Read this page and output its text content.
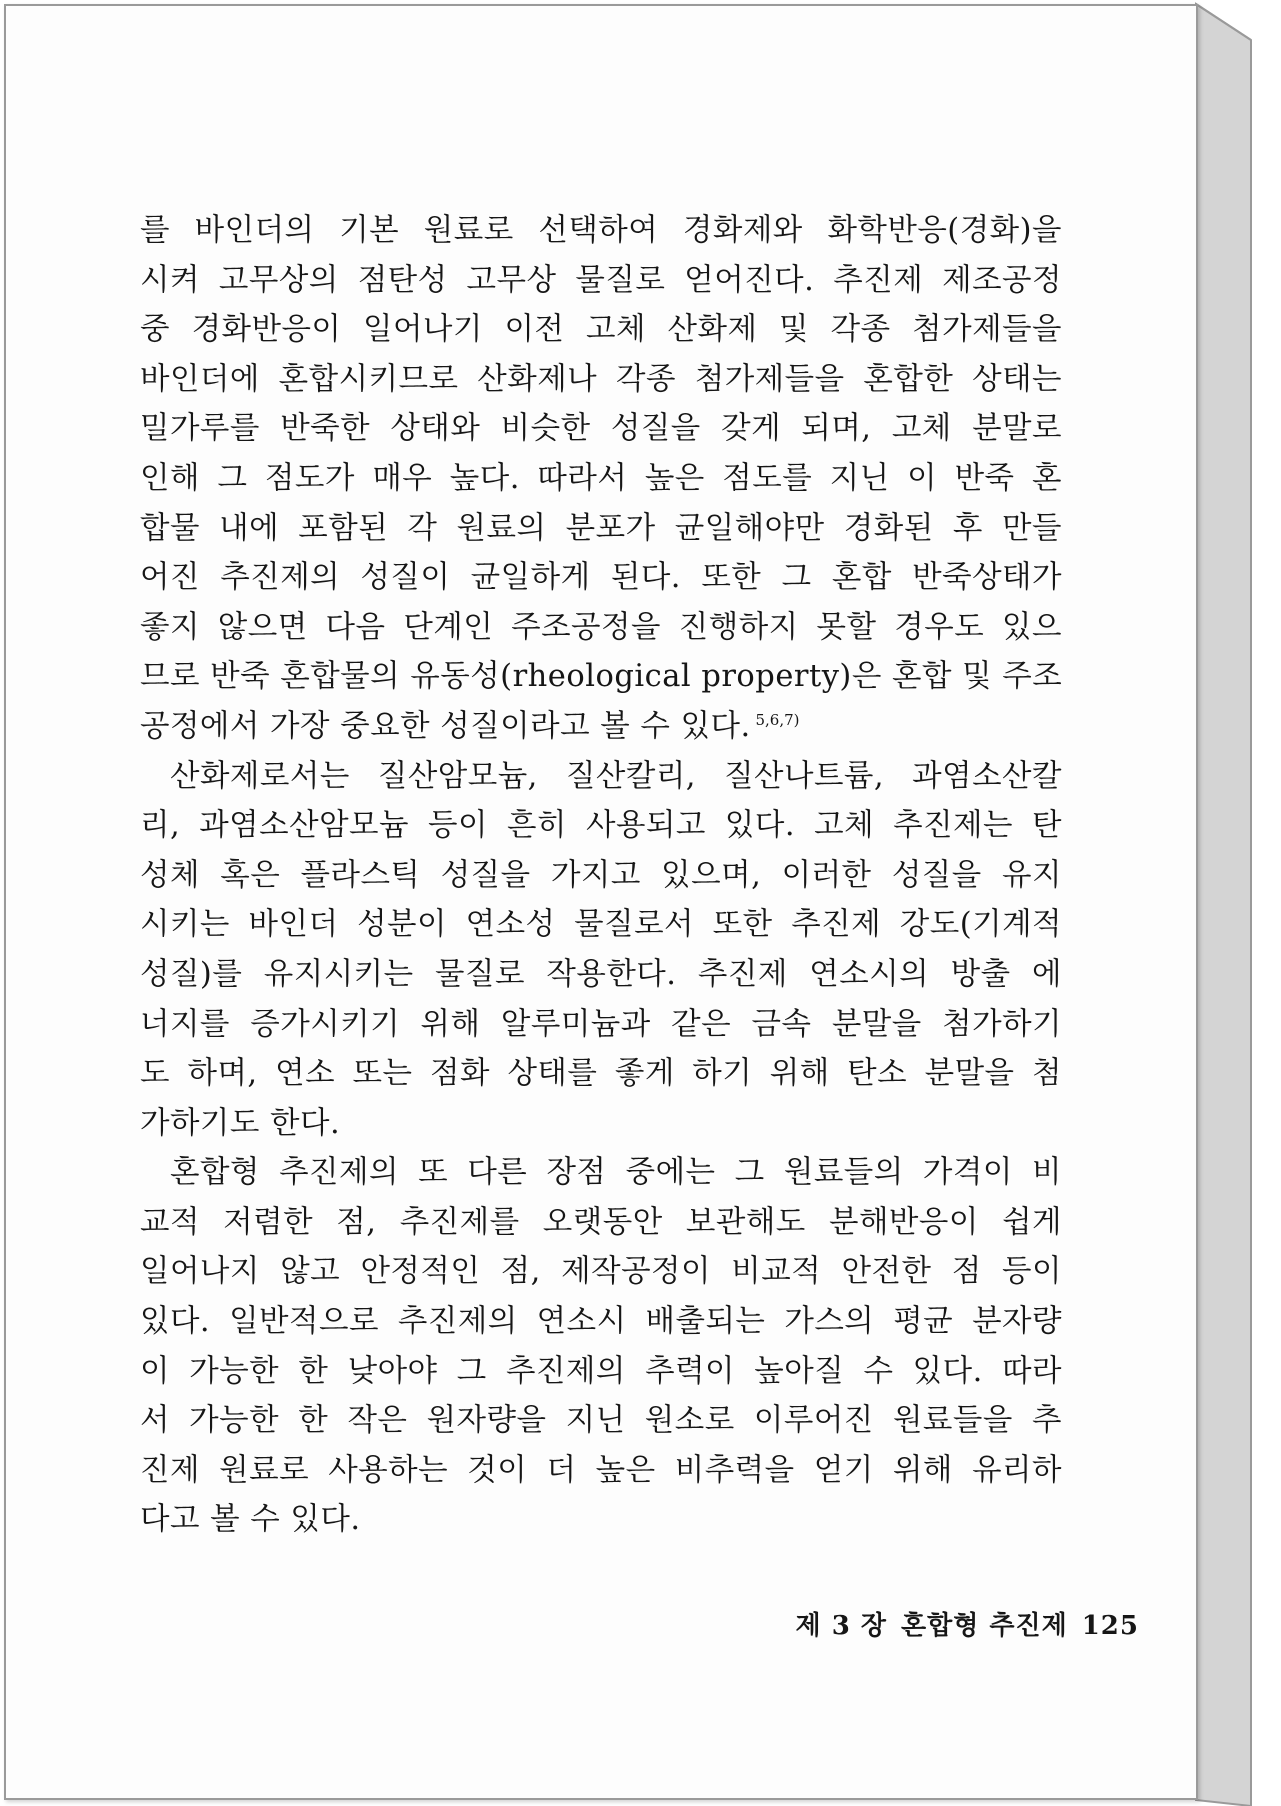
를 바인더의 기본 원료로 선택하여 경화제와 화학반응(경화)을
시켜 고무상의 점탄성 고무상 물질로 얻어진다. 추진제 제조공정
중 경화반응이 일어나기 이전 고체 산화제 및 각종 첨가제들을
바인더에 혼합시키므로 산화제나 각종 첨가제들을 혼합한 상태는
밀가루를 반죽한 상태와 비슷한 성질을 갖게 되며, 고체 분말로
인해 그 점도가 매우 높다. 따라서 높은 점도를 지닌 이 반죽 혼
합물 내에 포함된 각 원료의 분포가 균일해야만 경화된 후 만들
어진 추진제의 성질이 균일하게 된다. 또한 그 혼합 반죽상태가
좋지 않으면 다음 단계인 주조공정을 진행하지 못할 경우도 있으
므로 반죽 혼합물의 유동성(rheological property)은 혼합 및 주조
공정에서 가장 중요한 성질이라고 볼 수 있다. $^{5,6,7)}$
산화제로서는 질산암모늄, 질산칼리, 질산나트륨, 과염소산칼
리, 과염소산암모늄 등이 흔히 사용되고 있다. 고체 추진제는 탄
성체 혹은 플라스틱 성질을 가지고 있으며, 이러한 성질을 유지
시키는 바인더 성분이 연소성 물질로서 또한 추진제 강도(기계적
성질)를 유지시키는 물질로 작용한다. 추진제 연소시의 방출 에
너지를 증가시키기 위해 알루미늄과 같은 금속 분말을 첨가하기
도 하며, 연소 또는 점화 상태를 좋게 하기 위해 탄소 분말을 첨
가하기도 한다.
혼합형 추진제의 또 다른 장점 중에는 그 원료들의 가격이 비
교적 저렴한 점, 추진제를 오랫동안 보관해도 분해반응이 쉽게
일어나지 않고 안정적인 점, 제작공정이 비교적 안전한 점 등이
있다. 일반적으로 추진제의 연소시 배출되는 가스의 평균 분자량
이 가능한 한 낮아야 그 추진제의 추력이 높아질 수 있다. 따라
서 가능한 한 작은 원자량을 지닌 원소로 이루어진 원료들을 추
진제 원료로 사용하는 것이 더 높은 비추력을 얻기 위해 유리하
다고 볼 수 있다.
제 3 장 혼합형 추진제 125
